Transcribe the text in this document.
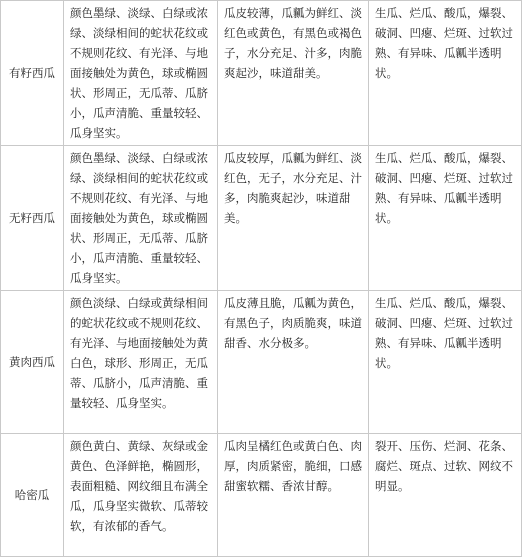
有籽西瓜	颜色墨绿、淡绿、白绿或浓绿、淡绿相间的蛇状花纹或不规则花纹、有光泽、与地面接触处为黄色，球或椭圆状、形周正，无瓜蒂、瓜脐小，瓜声清脆、重量较轻、瓜身坚实。	瓜皮较薄，瓜瓤为鲜红、淡红色或黄色，有黑色或褐色子，水分充足、汁多，肉脆爽起沙，味道甜美。	生瓜、烂瓜、酸瓜，爆裂、破洞、凹瘪、烂斑、过软过熟、有异味、瓜瓤半透明状。
无籽西瓜	颜色墨绿、淡绿、白绿或浓绿、淡绿相间的蛇状花纹或不规则花纹、有光泽、与地面接触处为黄色，球或椭圆状、形周正，无瓜蒂、瓜脐小，瓜声清脆、重量较轻、瓜身坚实。	瓜皮较厚，瓜瓤为鲜红、淡红色，无子，水分充足、汁多，肉脆爽起沙，味道甜美。	生瓜、烂瓜、酸瓜，爆裂、破洞、凹瘪、烂斑、过软过熟、有异味、瓜瓤半透明状。
黄肉西瓜	颜色淡绿、白绿或黄绿相间的蛇状花纹或不规则花纹、有光泽、与地面接触处为黄白色，球形、形周正，无瓜蒂、瓜脐小，瓜声清脆、重量较轻、瓜身坚实。	瓜皮薄且脆，瓜瓤为黄色，有黑色子，肉质脆爽，味道甜香、水分极多。	生瓜、烂瓜、酸瓜，爆裂、破洞、凹瘪、烂斑、过软过熟、有异味、瓜瓤半透明状。
哈密瓜	颜色黄白、黄绿、灰绿或金黄色、色泽鲜艳，椭圆形，表面粗糙、网纹细且布满全瓜，瓜身坚实微软、瓜蒂较软，有浓郁的香气。	瓜肉呈橘红色或黄白色、肉厚，肉质紧密，脆细，口感甜蜜软糯、香浓甘醇。	裂开、压伤、烂洞、花条、腐烂、斑点、过软、网纹不明显。
